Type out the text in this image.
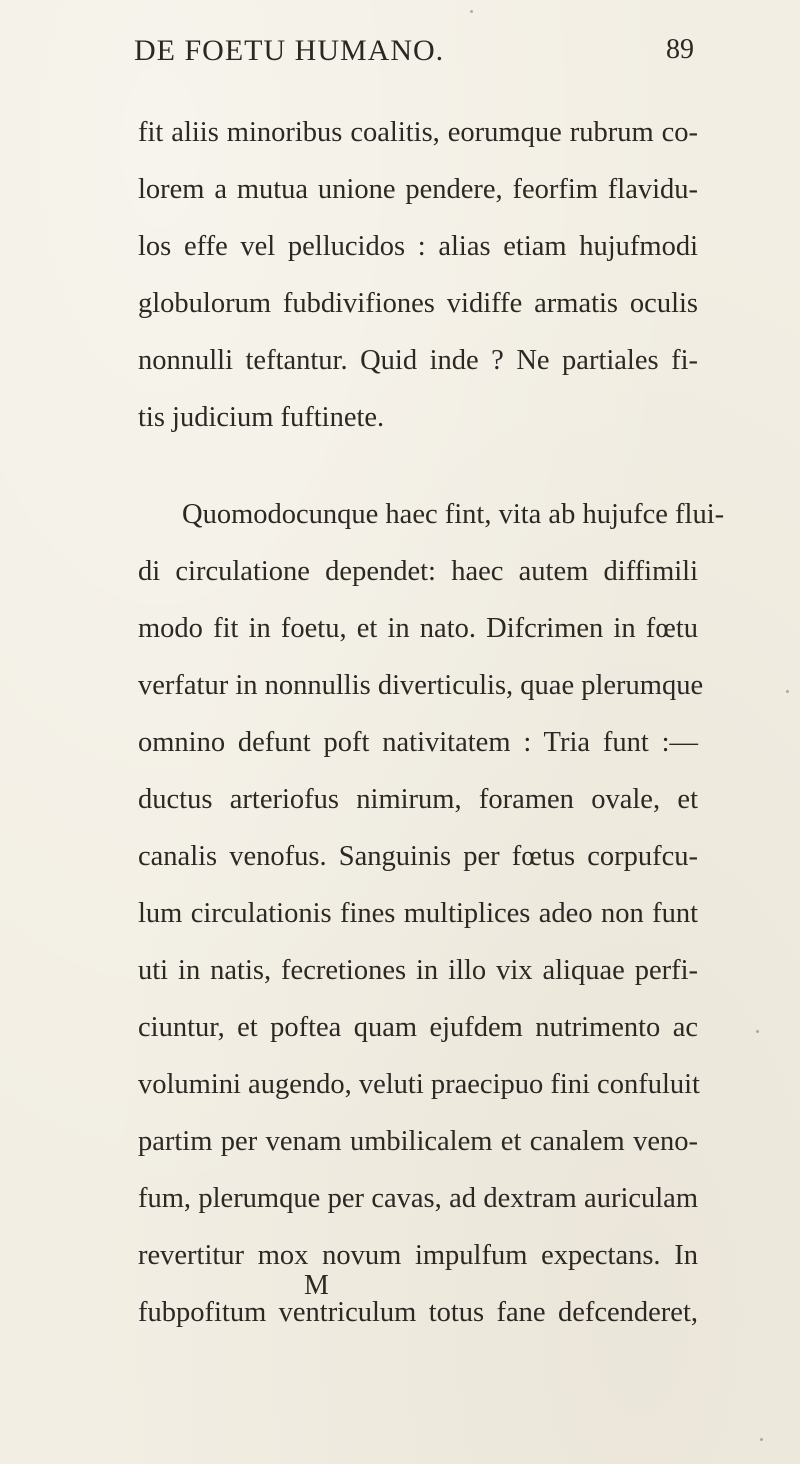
DE FOETU HUMANO.	89
fit aliis minoribus coalitis, eorumque rubrum co-
lorem a mutua unione pendere, feorfim flavidu-
los effe vel pellucidos : alias etiam hujufmodi
globulorum fubdivifiones vidiffe armatis oculis
nonnulli teftantur. Quid inde ? Ne partiales fi-
tis judicium fuftinete.
Quomodocunque haec fint, vita ab hujufce flui-
di circulatione dependet: haec autem diffimili
modo fit in foetu, et in nato. Difcrimen in fœtu
verfatur in nonnullis diverticulis, quae plerumque
omnino defunt poft nativitatem : Tria funt :—
ductus arteriofus nimirum, foramen ovale, et
canalis venofus. Sanguinis per fœtus corpufcu-
lum circulationis fines multiplices adeo non funt
uti in natis, fecretiones in illo vix aliquae perfi-
ciuntur, et poftea quam ejufdem nutrimento ac
volumini augendo, veluti praecipuo fini confuluit
partim per venam umbilicalem et canalem veno-
fum, plerumque per cavas, ad dextram auriculam
revertitur mox novum impulfum expectans. In
fubpofitum ventriculum totus fane defcenderet,
M
